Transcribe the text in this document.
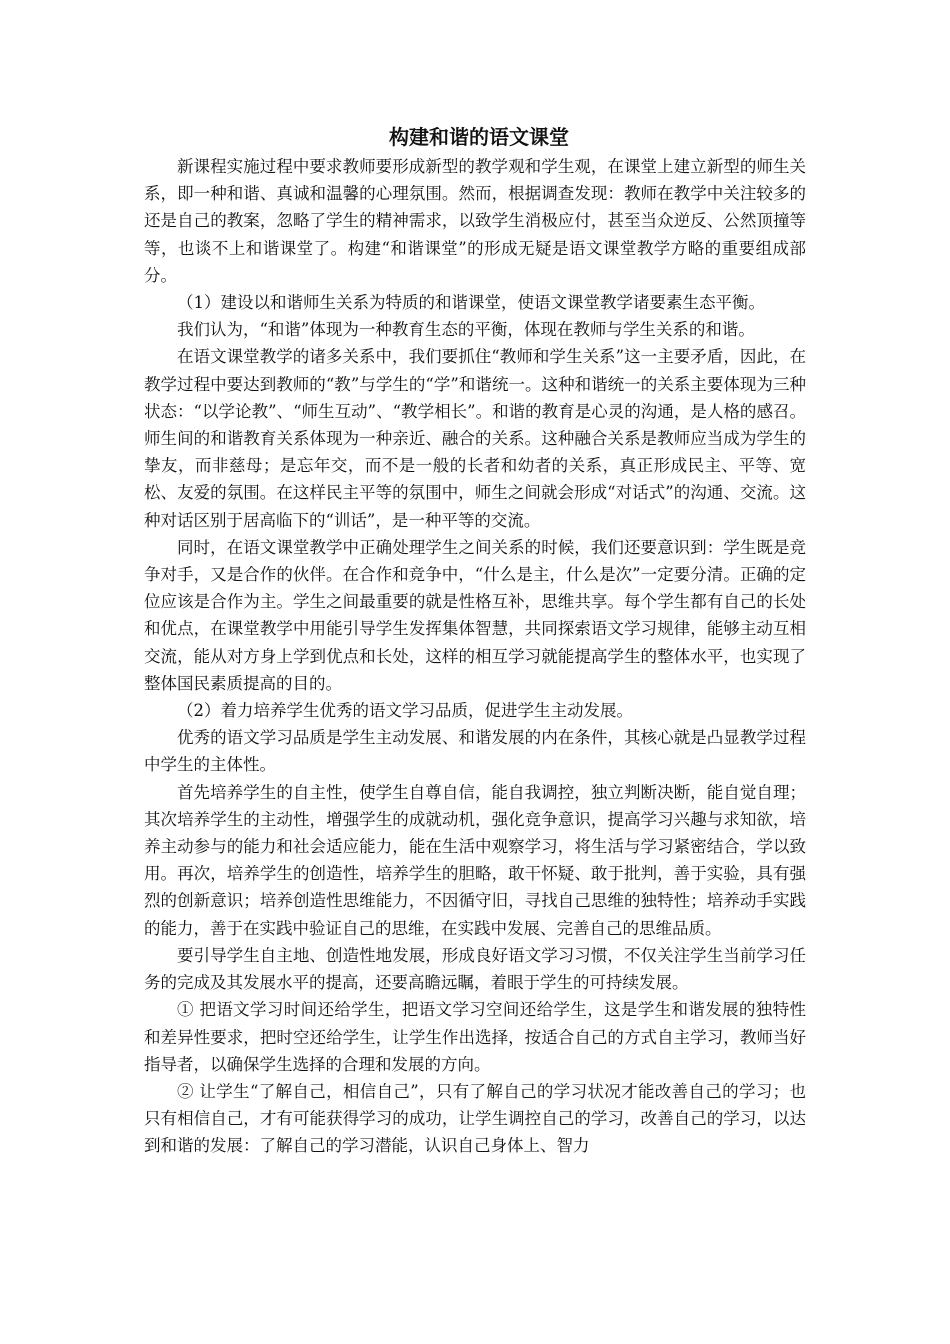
构建和谐的语文课堂

新课程实施过程中要求教师要形成新型的教学观和学生观，在课堂上建立新型的师生关系，即一种和谐、真诚和温馨的心理氛围。然而，根据调查发现：教师在教学中关注较多的还是自己的教案，忽略了学生的精神需求，以致学生消极应付，甚至当众逆反、公然顶撞等等，也谈不上和谐课堂了。构建“和谐课堂”的形成无疑是语文课堂教学方略的重要组成部分。

（1）建设以和谐师生关系为特质的和谐课堂，使语文课堂教学诸要素生态平衡。

我们认为，“和谐”体现为一种教育生态的平衡，体现在教师与学生关系的和谐。

在语文课堂教学的诸多关系中，我们要抓住“教师和学生关系”这一主要矛盾，因此，在教学过程中要达到教师的“教”与学生的“学”和谐统一。这种和谐统一的关系主要体现为三种状态：“以学论教”、“师生互动”、“教学相长”。和谐的教育是心灵的沟通，是人格的感召。师生间的和谐教育关系体现为一种亲近、融合的关系。这种融合关系是教师应当成为学生的挚友，而非慈母；是忘年交，而不是一般的长者和幼者的关系，真正形成民主、平等、宽松、友爱的氛围。在这样民主平等的氛围中，师生之间就会形成“对话式”的沟通、交流。这种对话区别于居高临下的“训话”，是一种平等的交流。

同时，在语文课堂教学中正确处理学生之间关系的时候，我们还要意识到：学生既是竞争对手，又是合作的伙伴。在合作和竞争中，“什么是主，什么是次”一定要分清。正确的定位应该是合作为主。学生之间最重要的就是性格互补，思维共享。每个学生都有自己的长处和优点，在课堂教学中用能引导学生发挥集体智慧，共同探索语文学习规律，能够主动互相交流，能从对方身上学到优点和长处，这样的相互学习就能提高学生的整体水平，也实现了整体国民素质提高的目的。

（2）着力培养学生优秀的语文学习品质，促进学生主动发展。

优秀的语文学习品质是学生主动发展、和谐发展的内在条件，其核心就是凸显教学过程中学生的主体性。

首先培养学生的自主性，使学生自尊自信，能自我调控，独立判断决断，能自觉自理；其次培养学生的主动性，增强学生的成就动机，强化竞争意识，提高学习兴趣与求知欲，培养主动参与的能力和社会适应能力，能在生活中观察学习，将生活与学习紧密结合，学以致用。再次，培养学生的创造性，培养学生的胆略，敢干怀疑、敢于批判，善于实验，具有强烈的创新意识；培养创造性思维能力，不因循守旧，寻找自己思维的独特性；培养动手实践的能力，善于在实践中验证自己的思维，在实践中发展、完善自己的思维品质。

要引导学生自主地、创造性地发展，形成良好语文学习习惯，不仅关注学生当前学习任务的完成及其发展水平的提高，还要高瞻远瞩，着眼于学生的可持续发展。

① 把语文学习时间还给学生，把语文学习空间还给学生，这是学生和谐发展的独特性和差异性要求，把时空还给学生，让学生作出选择，按适合自己的方式自主学习，教师当好指导者，以确保学生选择的合理和发展的方向。

② 让学生“了解自己，相信自己”，只有了解自己的学习状况才能改善自己的学习；也只有相信自己，才有可能获得学习的成功，让学生调控自己的学习，改善自己的学习，以达到和谐的发展：了解自己的学习潜能，认识自己身体上、智力
